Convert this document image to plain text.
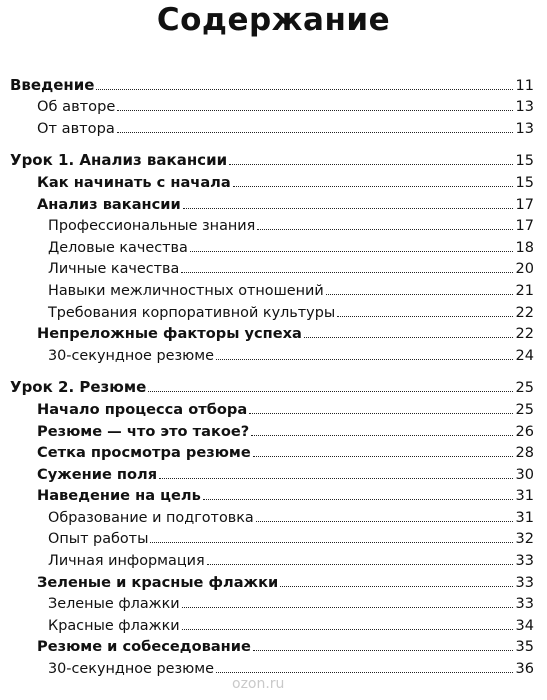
Содержание
Введение	11
Об авторе	13
От автора	13
Урок 1. Анализ вакансии	15
Как начинать с начала	15
Анализ вакансии	17
Профессиональные знания	17
Деловые качества	18
Личные качества	20
Навыки межличностных отношений	21
Требования корпоративной культуры	22
Непреложные факторы успеха	22
30-секундное резюме	24
Урок 2. Резюме	25
Начало процесса отбора	25
Резюме — что это такое?	26
Сетка просмотра резюме	28
Сужение поля	30
Наведение на цель	31
Образование и подготовка	31
Опыт работы	32
Личная информация	33
Зеленые и красные флажки	33
Зеленые флажки	33
Красные флажки	34
Резюме и собеседование	35
30-секундное резюме	36
ozon.ru
